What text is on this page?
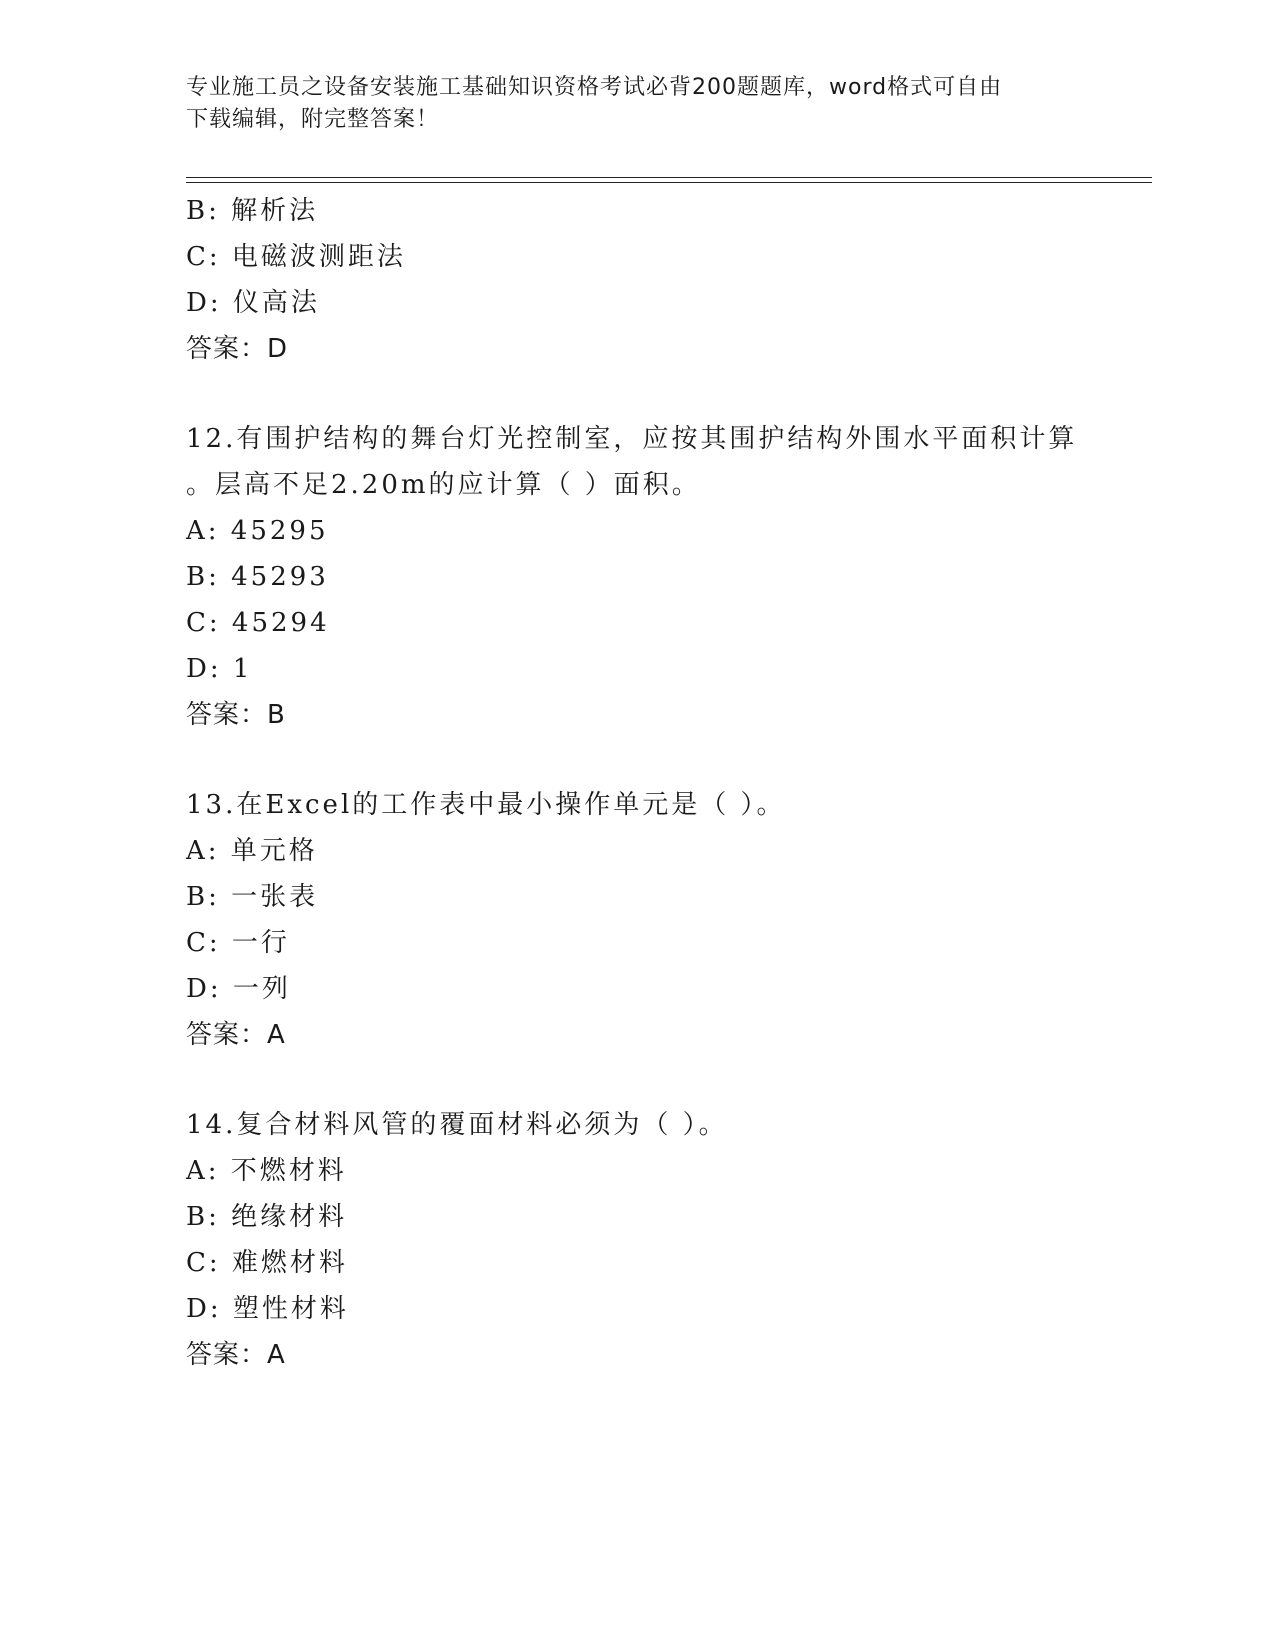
专业施工员之设备安装施工基础知识资格考试必背200题题库，word格式可自由
下载编辑，附完整答案！
B: 解析法
C: 电磁波测距法
D: 仪高法
答案：D
12.有围护结构的舞台灯光控制室，应按其围护结构外围水平面积计算
。层高不足2.20m的应计算（ ）面积。
A: 45295
B: 45293
C: 45294
D: 1
答案：B
13.在Excel的工作表中最小操作单元是（ ）。
A: 单元格
B: 一张表
C: 一行
D: 一列
答案：A
14.复合材料风管的覆面材料必须为（ ）。
A: 不燃材料
B: 绝缘材料
C: 难燃材料
D: 塑性材料
答案：A
